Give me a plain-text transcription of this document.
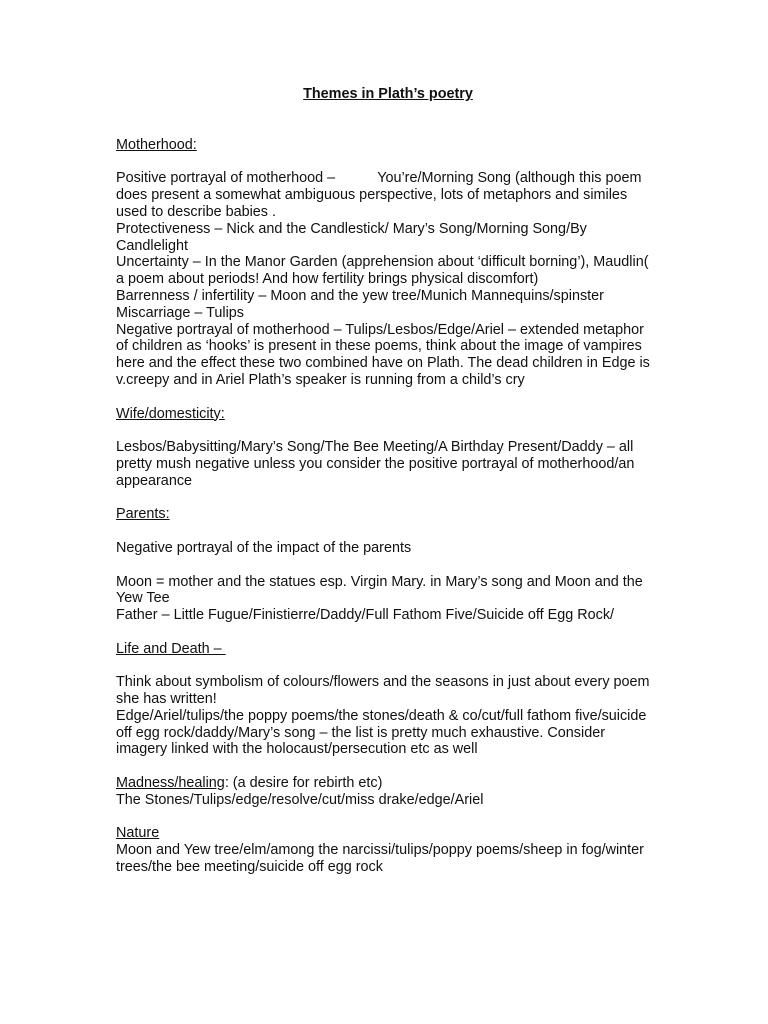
Themes in Plath’s poetry

Motherhood:

Positive portrayal of motherhood –	You’re/Morning Song (although this poem does present a somewhat ambiguous perspective, lots of metaphors and similes used to describe babies .

Protectiveness – Nick and the Candlestick/ Mary’s Song/Morning Song/By Candlelight

Uncertainty – In the Manor Garden (apprehension about ‘difficult borning’), Maudlin( a poem about periods! And how fertility brings physical discomfort)

Barrenness / infertility – Moon and the yew tree/Munich Mannequins/spinster

Miscarriage – Tulips

Negative portrayal of motherhood – Tulips/Lesbos/Edge/Ariel – extended metaphor of children as ‘hooks’ is present in these poems, think about the image of vampires here and the effect these two combined have on Plath. The dead children in Edge is v.creepy and in Ariel Plath’s speaker is running from a child’s cry

Wife/domesticity:

Lesbos/Babysitting/Mary’s Song/The Bee Meeting/A Birthday Present/Daddy – all pretty mush negative unless you consider the positive portrayal of motherhood/an appearance

Parents:

Negative portrayal of the impact of the parents

Moon = mother and the statues esp. Virgin Mary. in Mary’s song and Moon and the Yew Tee

Father – Little Fugue/Finistierre/Daddy/Full Fathom Five/Suicide off Egg Rock/

Life and Death –

Think about symbolism of colours/flowers and the seasons in just about every poem she has written!

Edge/Ariel/tulips/the poppy poems/the stones/death & co/cut/full fathom five/suicide off egg rock/daddy/Mary’s song – the list is pretty much exhaustive. Consider imagery linked with the holocaust/persecution etc as well

Madness/healing: (a desire for rebirth etc)

The Stones/Tulips/edge/resolve/cut/miss drake/edge/Ariel

Nature

Moon and Yew tree/elm/among the narcissi/tulips/poppy poems/sheep in fog/winter trees/the bee meeting/suicide off egg rock
